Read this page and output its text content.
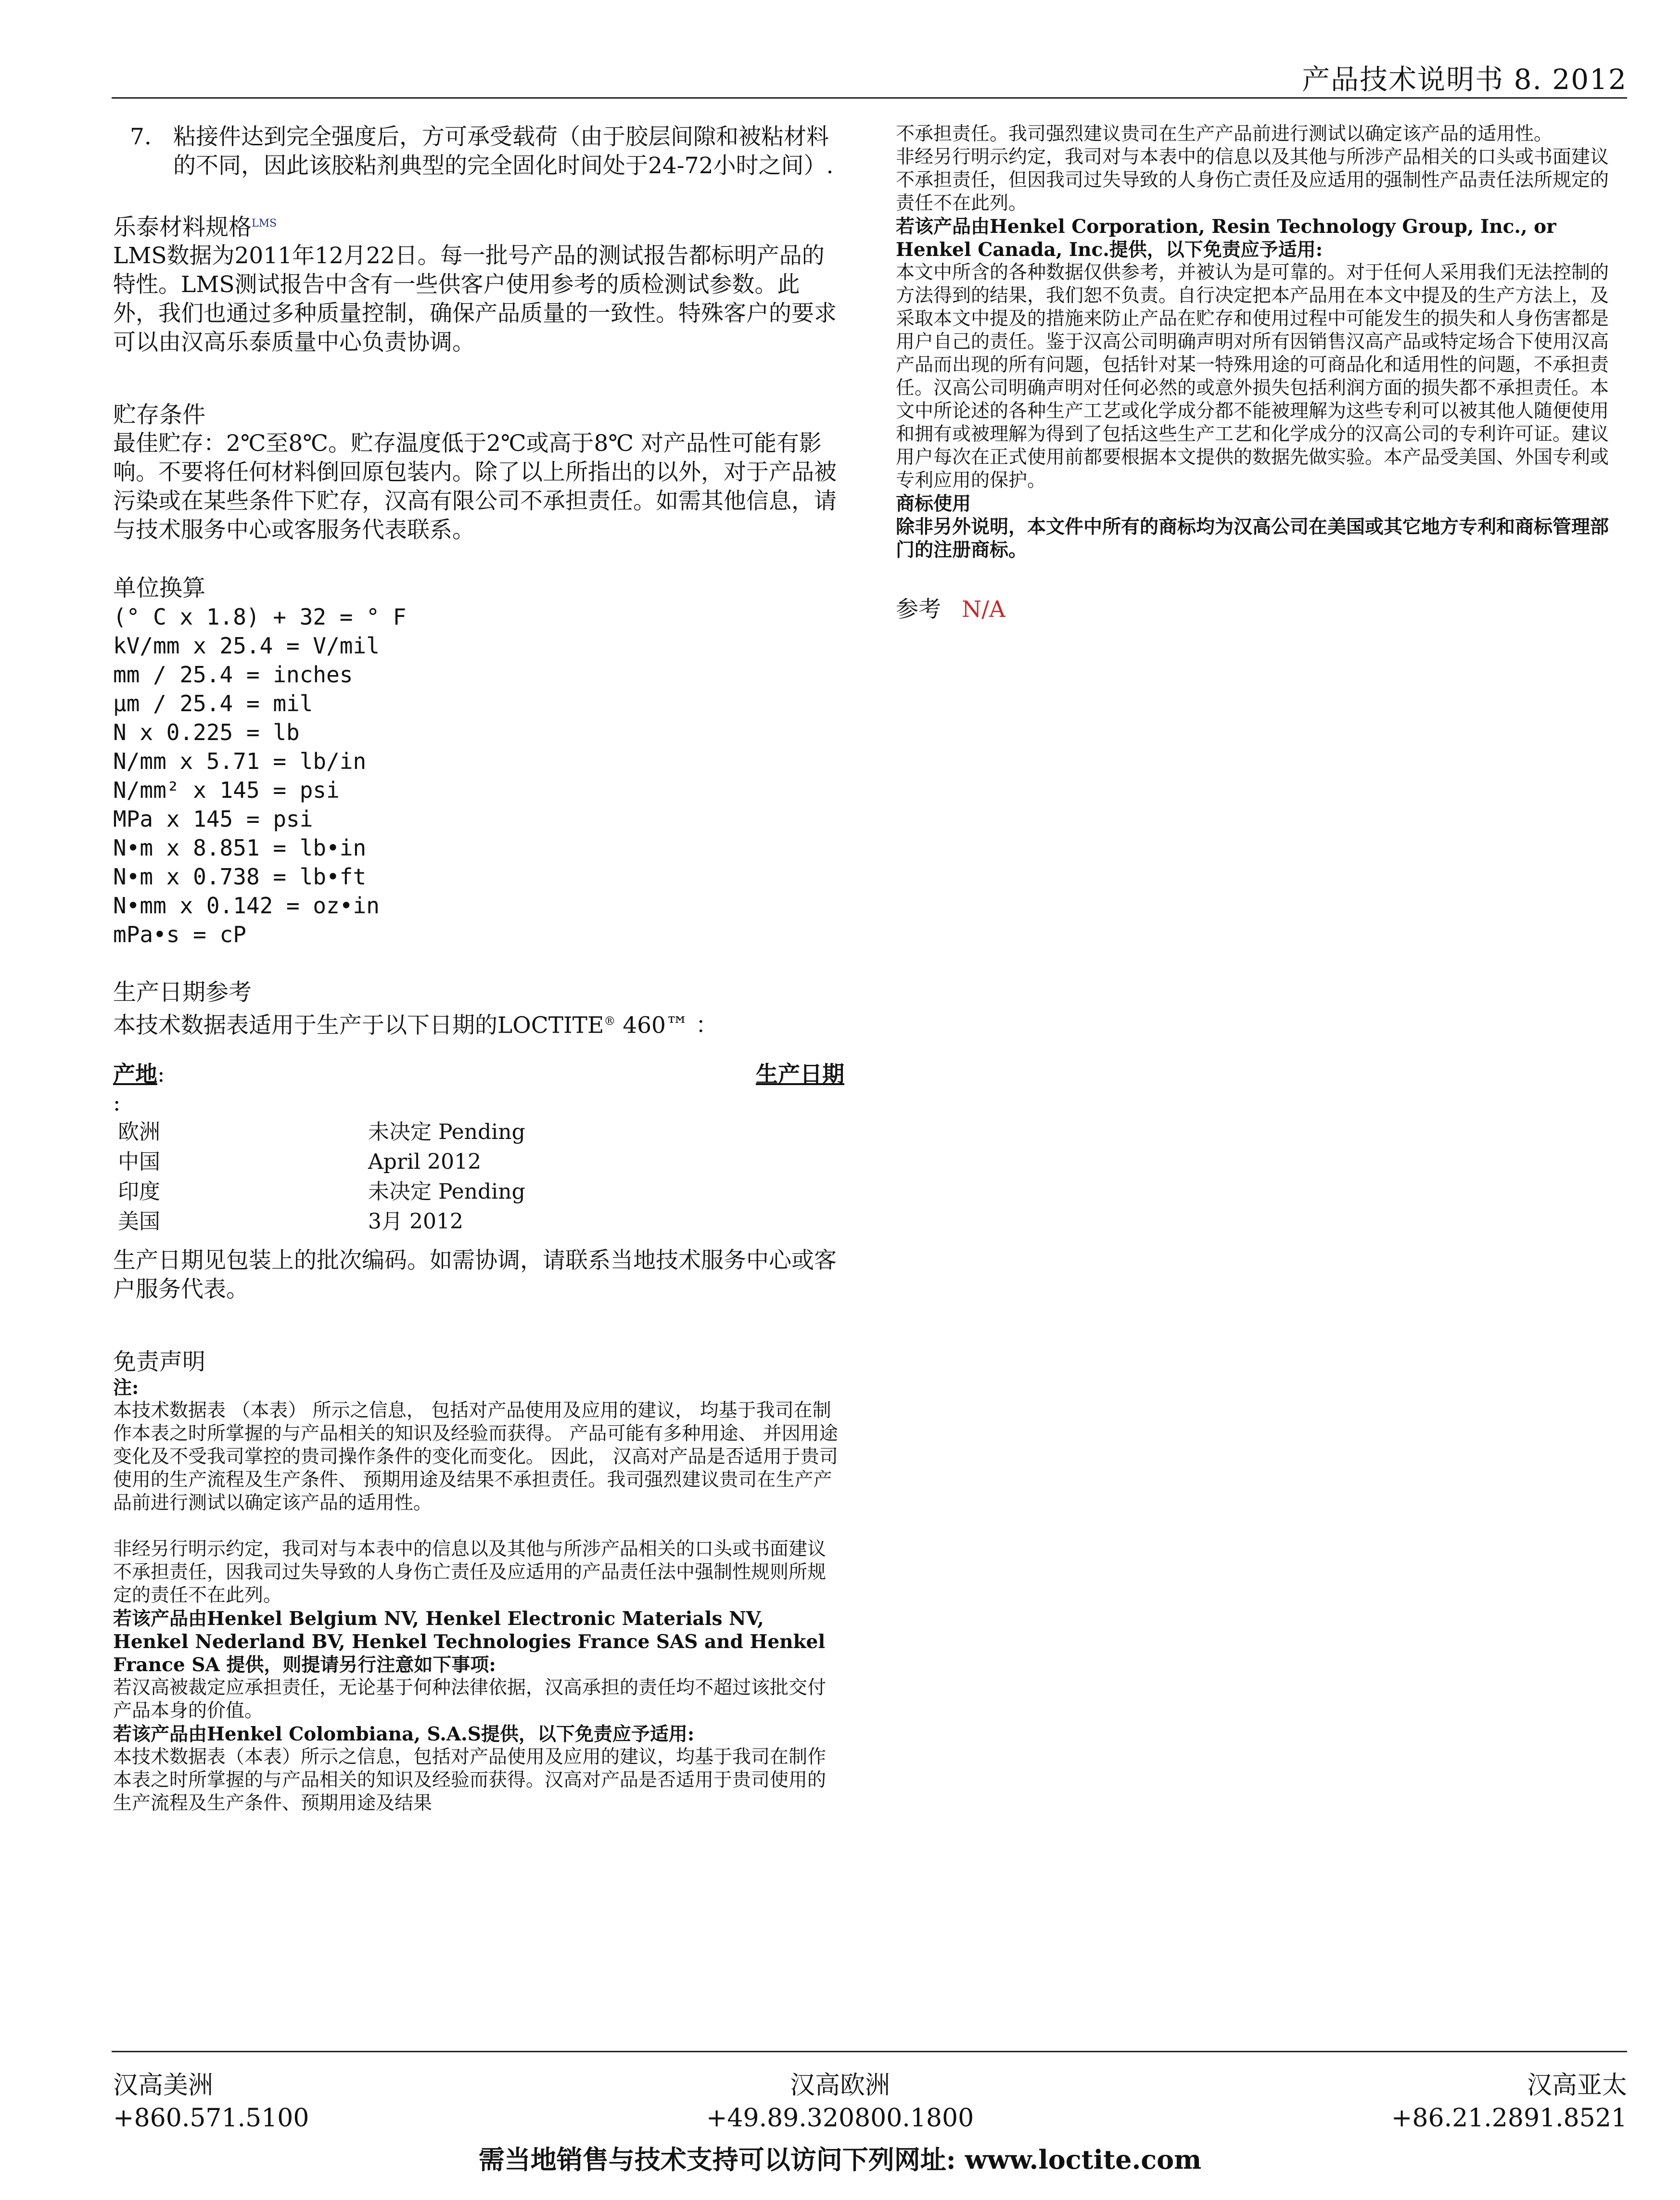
产品技术说明书 8. 2012
7. 粘接件达到完全强度后，方可承受载荷（由于胶层间隙和被粘材料的不同，因此该胶粘剂典型的完全固化时间处于24-72小时之间）.
乐泰材料规格$^{LMS}$
LMS数据为2011年12月22日。每一批号产品的测试报告都标明产品的特性。LMS测试报告中含有一些供客户使用参考的质检测试参数。此外，我们也通过多种质量控制，确保产品质量的一致性。特殊客户的要求可以由汉高乐泰质量中心负责协调。
贮存条件
最佳贮存：2℃至8℃。贮存温度低于2℃或高于8℃ 对产品性可能有影响。不要将任何材料倒回原包装内。除了以上所指出的以外，对于产品被污染或在某些条件下贮存，汉高有限公司不承担责任。如需其他信息，请与技术服务中心或客服务代表联系。
单位换算
(° C x 1.8) + 32 = ° F
kV/mm x 25.4 = V/mil
mm / 25.4 = inches
µm / 25.4 = mil
N x 0.225 = lb
N/mm x 5.71 = lb/in
N/mm² x 145 = psi
MPa x 145 = psi
N•m x 8.851 = lb•in
N•m x 0.738 = lb•ft
N•mm x 0.142 = oz•in
mPa•s = cP
生产日期参考
本技术数据表适用于生产于以下日期的LOCTITE® 460™ ：
产地:
:
生产日期
欧洲	未决定 Pending
中国	April 2012
印度	未决定 Pending
美国	3月 2012
生产日期见包装上的批次编码。如需协调，请联系当地技术服务中心或客户服务代表。
免责声明
注:
本技术数据表 （本表） 所示之信息， 包括对产品使用及应用的建议， 均基于我司在制作本表之时所掌握的与产品相关的知识及经验而获得。 产品可能有多种用途、 并因用途变化及不受我司掌控的贵司操作条件的变化而变化。 因此， 汉高对产品是否适用于贵司使用的生产流程及生产条件、 预期用途及结果不承担责任。我司强烈建议贵司在生产产品前进行测试以确定该产品的适用性。
非经另行明示约定，我司对与本表中的信息以及其他与所涉产品相关的口头或书面建议不承担责任，因我司过失导致的人身伤亡责任及应适用的产品责任法中强制性规则所规定的责任不在此列。
若该产品由Henkel Belgium NV, Henkel Electronic Materials NV, Henkel Nederland BV, Henkel Technologies France SAS and Henkel France SA 提供，则提请另行注意如下事项:
若汉高被裁定应承担责任，无论基于何种法律依据，汉高承担的责任均不超过该批交付产品本身的价值。
若该产品由Henkel Colombiana, S.A.S提供，以下免责应予适用:
本技术数据表（本表）所示之信息，包括对产品使用及应用的建议，均基于我司在制作本表之时所掌握的与产品相关的知识及经验而获得。汉高对产品是否适用于贵司使用的生产流程及生产条件、预期用途及结果
不承担责任。我司强烈建议贵司在生产产品前进行测试以确定该产品的适用性。
非经另行明示约定，我司对与本表中的信息以及其他与所涉产品相关的口头或书面建议不承担责任，但因我司过失导致的人身伤亡责任及应适用的强制性产品责任法所规定的责任不在此列。
若该产品由Henkel Corporation, Resin Technology Group, Inc., or Henkel Canada, Inc.提供，以下免责应予适用:
本文中所含的各种数据仅供参考，并被认为是可靠的。对于任何人采用我们无法控制的方法得到的结果，我们恕不负责。自行决定把本产品用在本文中提及的生产方法上，及采取本文中提及的措施来防止产品在贮存和使用过程中可能发生的损失和人身伤害都是用户自己的责任。鉴于汉高公司明确声明对所有因销售汉高产品或特定场合下使用汉高产品而出现的所有问题，包括针对某一特殊用途的可商品化和适用性的问题，不承担责任。汉高公司明确声明对任何必然的或意外损失包括利润方面的损失都不承担责任。本文中所论述的各种生产工艺或化学成分都不能被理解为这些专利可以被其他人随便使用和拥有或被理解为得到了包括这些生产工艺和化学成分的汉高公司的专利许可证。建议用户每次在正式使用前都要根据本文提供的数据先做实验。本产品受美国、外国专利或专利应用的保护。
商标使用
除非另外说明，本文件中所有的商标均为汉高公司在美国或其它地方专利和商标管理部门的注册商标。
参考 N/A
汉高美洲
+860.571.5100
汉高欧洲
+49.89.320800.1800
汉高亚太
+86.21.2891.8521
需当地销售与技术支持可以访问下列网址: www.loctite.com
